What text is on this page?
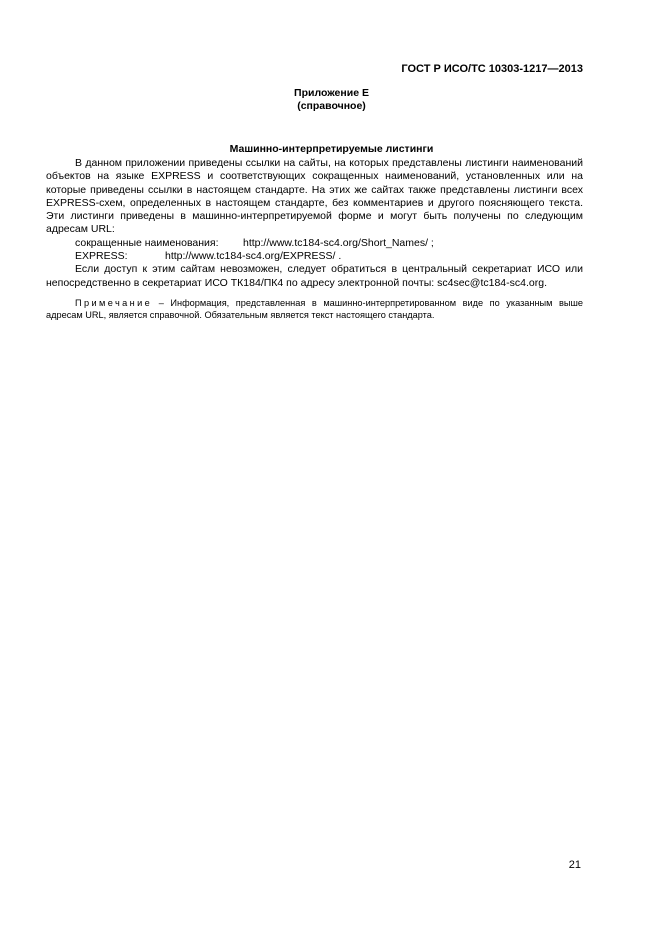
ГОСТ Р ИСО/ТС 10303-1217—2013
Приложение Е
(справочное)
Машинно-интерпретируемые листинги

В данном приложении приведены ссылки на сайты, на которых представлены листинги наименований объектов на языке EXPRESS и соответствующих сокращенных наименований, установленных или на которые приведены ссылки в настоящем стандарте. На этих же сайтах также представлены листинги всех EXPRESS-схем, определенных в настоящем стандарте, без комментариев и другого поясняющего текста. Эти листинги приведены в машинно-интерпретируемой форме и могут быть получены по следующим адресам URL:

сокращенные наименования: http://www.tc184-sc4.org/Short_Names/ ;
EXPRESS:	http://www.tc184-sc4.org/EXPRESS/ .

Если доступ к этим сайтам невозможен, следует обратиться в центральный секретариат ИСО или непосредственно в секретариат ИСО ТК184/ПК4 по адресу электронной почты: sc4sec@tc184-sc4.org.

Примечание – Информация, представленная в машинно-интерпретированном виде по указанным выше адресам URL, является справочной. Обязательным является текст настоящего стандарта.
21
